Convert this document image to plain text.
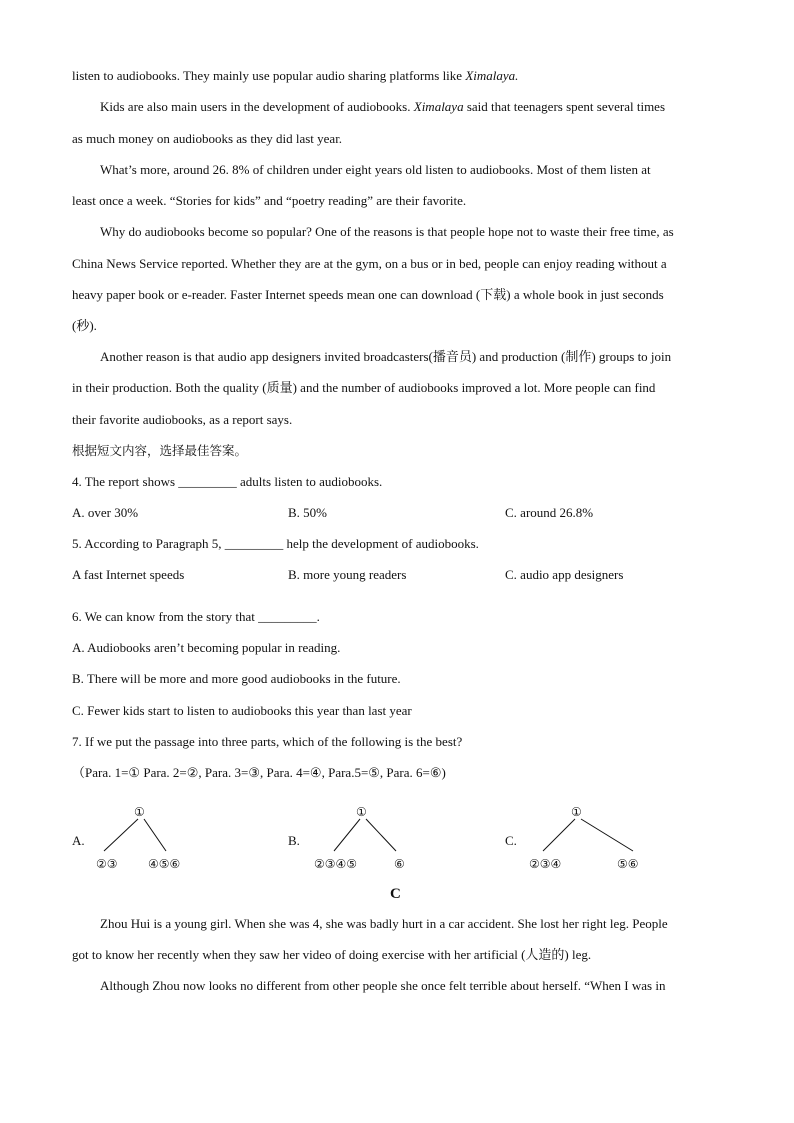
listen to audiobooks. They mainly use popular audio sharing platforms like Ximalaya.
Kids are also main users in the development of audiobooks. Ximalaya said that teenagers spent several times
as much money on audiobooks as they did last year.
What’s more, around 26. 8% of children under eight years old listen to audiobooks. Most of them listen at
least once a week. “Stories for kids” and “poetry reading” are their favorite.
Why do audiobooks become so popular? One of the reasons is that people hope not to waste their free time, as
China News Service reported. Whether they are at the gym, on a bus or in bed, people can enjoy reading without a
heavy paper book or e-reader. Faster Internet speeds mean one can download (下载) a whole book in just seconds
(秒).
Another reason is that audio app designers invited broadcasters(播音员) and production (制作) groups to join
in their production. Both the quality (质量) and the number of audiobooks improved a lot. More people can find
their favorite audiobooks, as a report says.
根据短文内容，选择最佳答案。
4. The report shows _________ adults listen to audiobooks.
A. over 30%	B. 50%	C. around 26.8%
5. According to Paragraph 5, _________ help the development of audiobooks.
A fast Internet speeds	B. more young readers	C. audio app designers
6. We can know from the story that _________.
A. Audiobooks aren’t becoming popular in reading.
B. There will be more and more good audiobooks in the future.
C. Fewer kids start to listen to audiobooks this year than last year
7. If we put the passage into three parts, which of the following is the best?
（Para. 1=① Para. 2=②, Para. 3=③, Para. 4=④, Para.5=⑤, Para. 6=⑥)
A.
①
②③	④⑤⑥
B.
①
②③④⑤	⑥
C.
①
②③④	⑤⑥
C
Zhou Hui is a young girl. When she was 4, she was badly hurt in a car accident. She lost her right leg. People
got to know her recently when they saw her video of doing exercise with her artificial (人造的) leg.
Although Zhou now looks no different from other people she once felt terrible about herself. “When I was in
